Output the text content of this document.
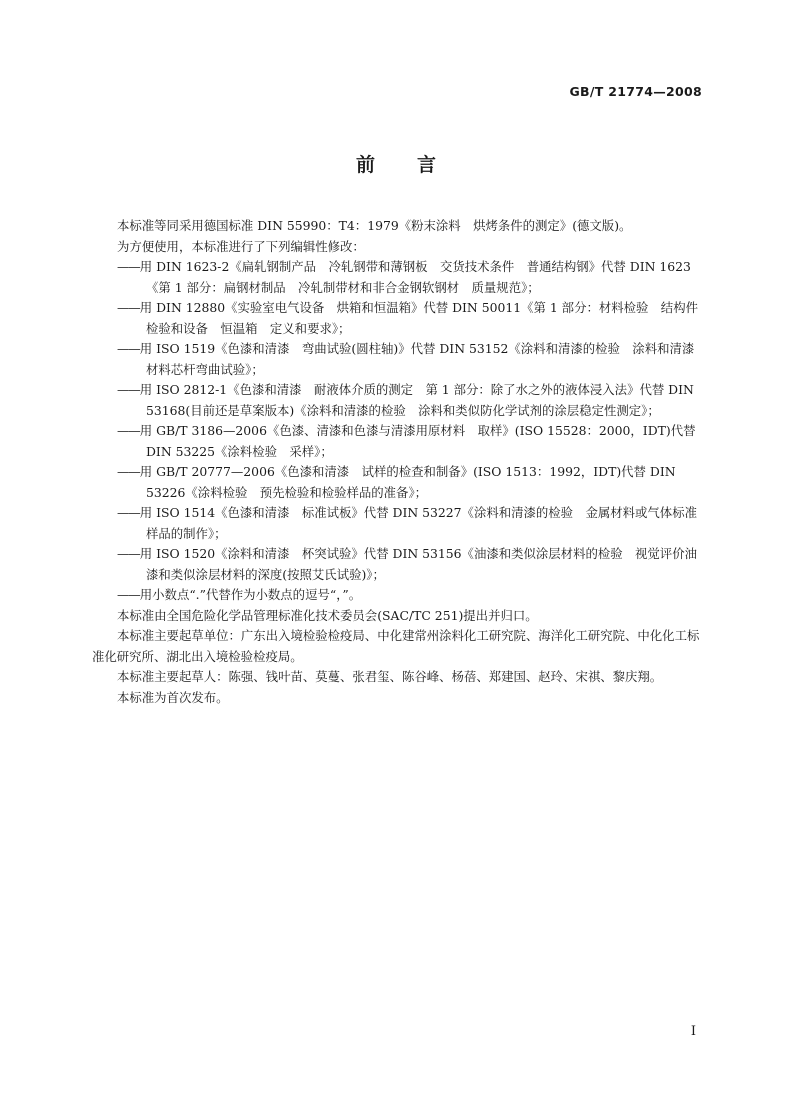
GB/T 21774—2008
前言

本标准等同采用德国标准 DIN 55990：T4：1979《粉末涂料　烘烤条件的测定》(德文版)。

为方便使用，本标准进行了下列编辑性修改：

——用 DIN 1623-2《扁轧钢制产品　冷轧钢带和薄钢板　交货技术条件　普通结构钢》代替 DIN 1623《第 1 部分：扁钢材制品　冷轧制带材和非合金钢软钢材　质量规范》；

——用 DIN 12880《实验室电气设备　烘箱和恒温箱》代替 DIN 50011《第 1 部分：材料检验　结构件检验和设备　恒温箱　定义和要求》；

——用 ISO 1519《色漆和清漆　弯曲试验(圆柱轴)》代替 DIN 53152《涂料和清漆的检验　涂料和清漆材料芯杆弯曲试验》；

——用 ISO 2812-1《色漆和清漆　耐液体介质的测定　第 1 部分：除了水之外的液体浸入法》代替 DIN 53168(目前还是草案版本)《涂料和清漆的检验　涂料和类似防化学试剂的涂层稳定性测定》；

——用 GB/T 3186—2006《色漆、清漆和色漆与清漆用原材料　取样》(ISO 15528：2000，IDT)代替 DIN 53225《涂料检验　采样》；

——用 GB/T 20777—2006《色漆和清漆　试样的检查和制备》(ISO 1513：1992，IDT)代替 DIN 53226《涂料检验　预先检验和检验样品的准备》；

——用 ISO 1514《色漆和清漆　标准试板》代替 DIN 53227《涂料和清漆的检验　金属材料或气体标准样品的制作》；

——用 ISO 1520《涂料和清漆　杯突试验》代替 DIN 53156《油漆和类似涂层材料的检验　视觉评价油漆和类似涂层材料的深度(按照艾氏试验)》；

——用小数点“.”代替作为小数点的逗号“，”。

本标准由全国危险化学品管理标准化技术委员会(SAC/TC 251)提出并归口。

本标准主要起草单位：广东出入境检验检疫局、中化建常州涂料化工研究院、海洋化工研究院、中化化工标准化研究所、湖北出入境检验检疫局。

本标准主要起草人：陈强、钱叶苗、莫蔓、张君玺、陈谷峰、杨蓓、郑建国、赵玲、宋祺、黎庆翔。

本标准为首次发布。

I
